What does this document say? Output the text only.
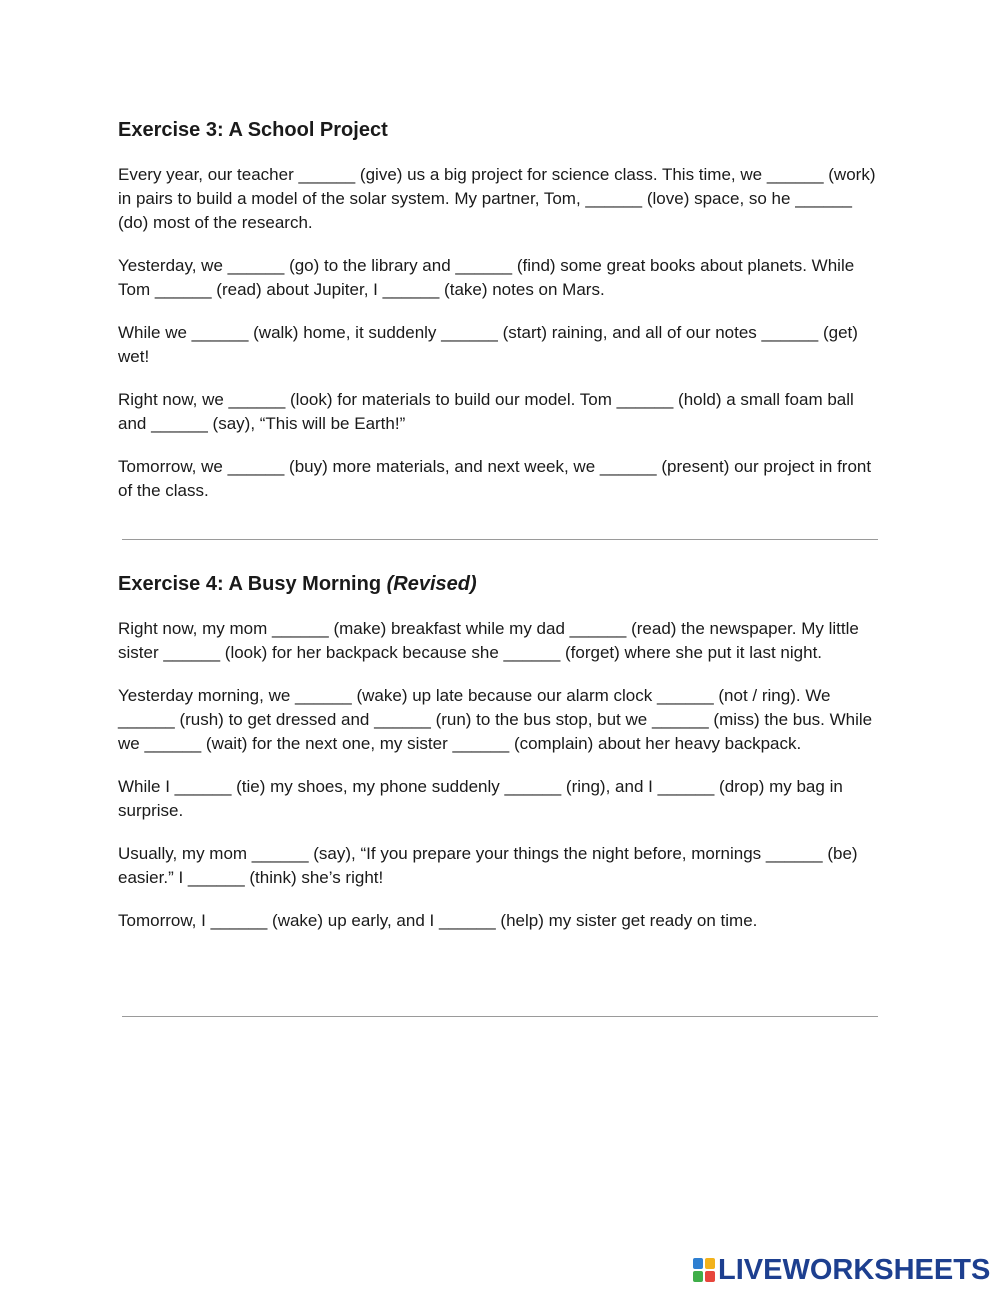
Exercise 3: A School Project

Every year, our teacher ______ (give) us a big project for science class. This time, we ______ (work) in pairs to build a model of the solar system. My partner, Tom, ______ (love) space, so he ______ (do) most of the research.

Yesterday, we ______ (go) to the library and ______ (find) some great books about planets. While Tom ______ (read) about Jupiter, I ______ (take) notes on Mars.

While we ______ (walk) home, it suddenly ______ (start) raining, and all of our notes ______ (get) wet!

Right now, we ______ (look) for materials to build our model. Tom ______ (hold) a small foam ball and ______ (say), “This will be Earth!”

Tomorrow, we ______ (buy) more materials, and next week, we ______ (present) our project in front of the class.

Exercise 4: A Busy Morning (Revised)

Right now, my mom ______ (make) breakfast while my dad ______ (read) the newspaper. My little sister ______ (look) for her backpack because she ______ (forget) where she put it last night.

Yesterday morning, we ______ (wake) up late because our alarm clock ______ (not / ring). We ______ (rush) to get dressed and ______ (run) to the bus stop, but we ______ (miss) the bus. While we ______ (wait) for the next one, my sister ______ (complain) about her heavy backpack.

While I ______ (tie) my shoes, my phone suddenly ______ (ring), and I ______ (drop) my bag in surprise.

Usually, my mom ______ (say), “If you prepare your things the night before, mornings ______ (be) easier.” I ______ (think) she’s right!

Tomorrow, I ______ (wake) up early, and I ______ (help) my sister get ready on time.

LIVEWORKSHEETS
